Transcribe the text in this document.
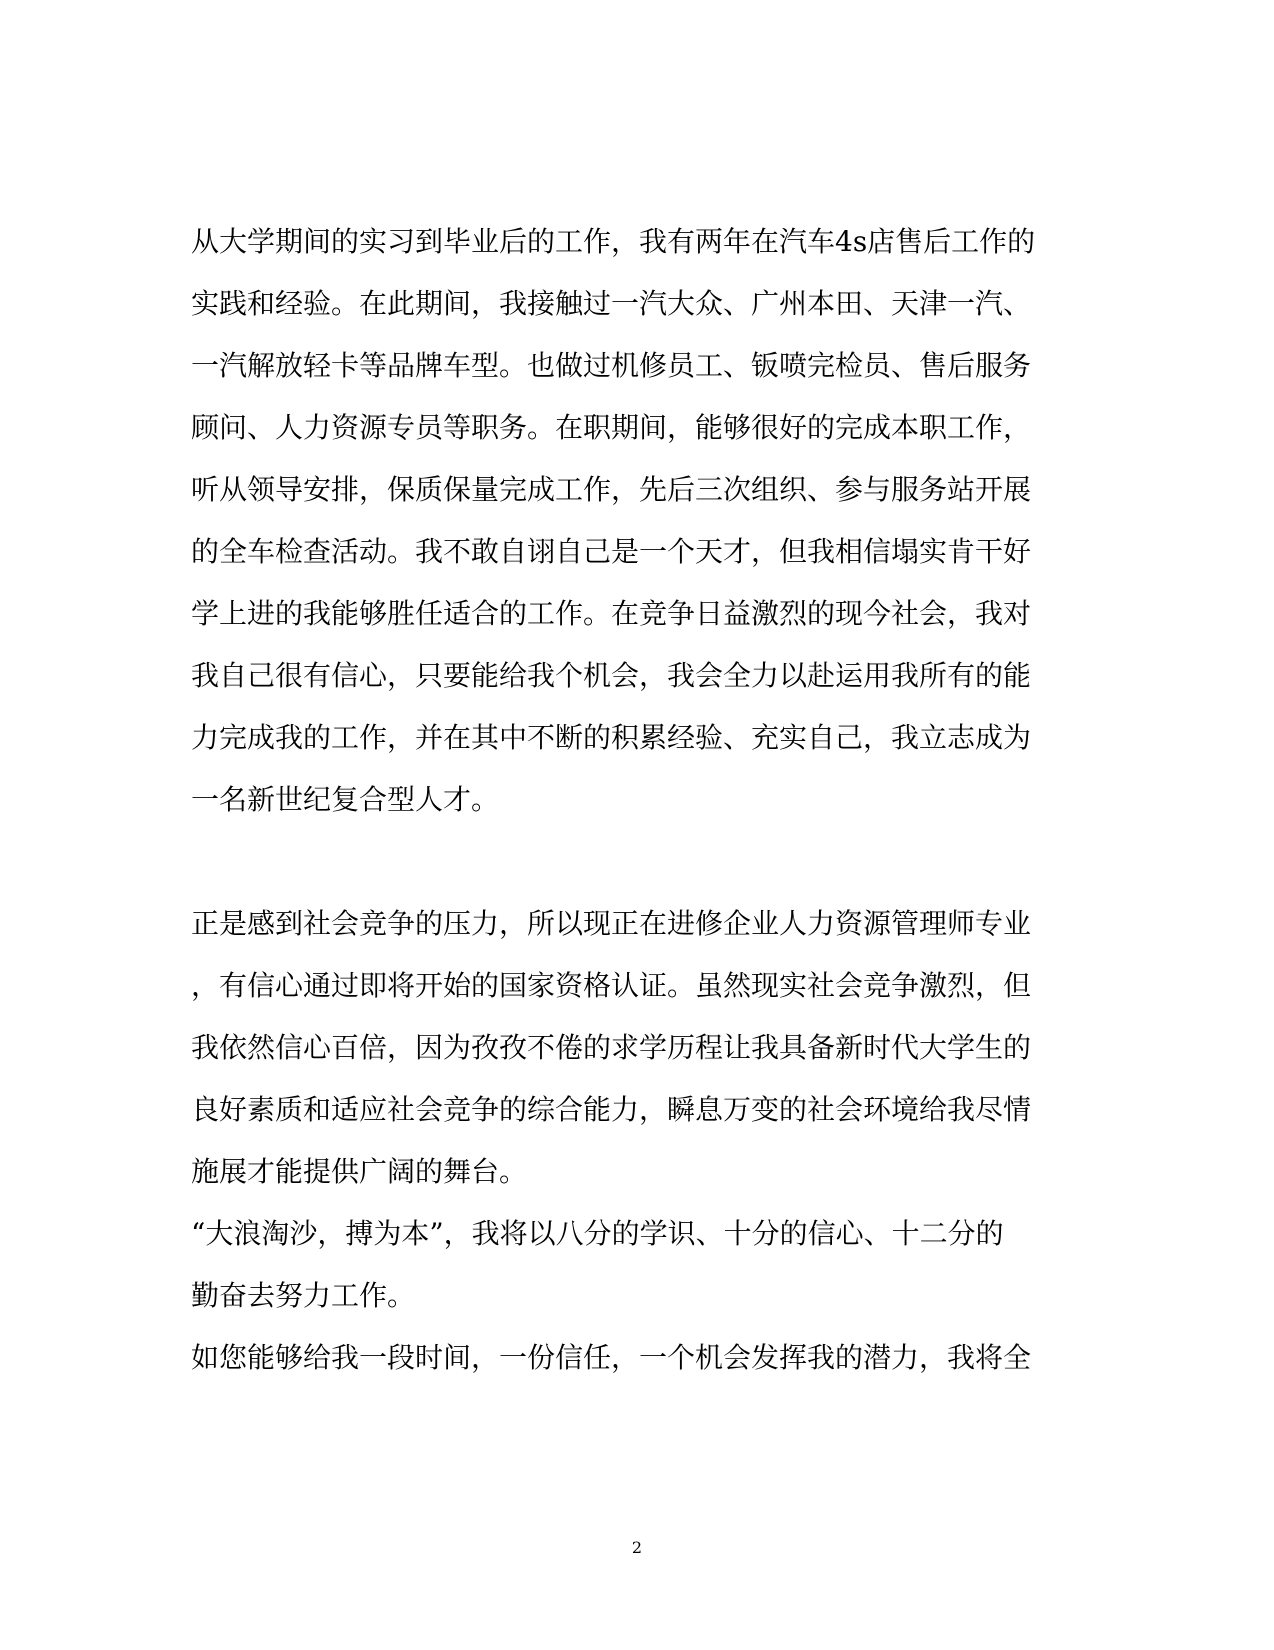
从大学期间的实习到毕业后的工作，我有两年在汽车4s店售后工作的
实践和经验。在此期间，我接触过一汽大众、广州本田、天津一汽、
一汽解放轻卡等品牌车型。也做过机修员工、钣喷完检员、售后服务
顾问、人力资源专员等职务。在职期间，能够很好的完成本职工作，
听从领导安排，保质保量完成工作，先后三次组织、参与服务站开展
的全车检查活动。我不敢自诩自己是一个天才，但我相信塌实肯干好
学上进的我能够胜任适合的工作。在竞争日益激烈的现今社会，我对
我自己很有信心，只要能给我个机会，我会全力以赴运用我所有的能
力完成我的工作，并在其中不断的积累经验、充实自己，我立志成为
一名新世纪复合型人才。
正是感到社会竞争的压力，所以现正在进修企业人力资源管理师专业
，有信心通过即将开始的国家资格认证。虽然现实社会竞争激烈，但
我依然信心百倍，因为孜孜不倦的求学历程让我具备新时代大学生的
良好素质和适应社会竞争的综合能力，瞬息万变的社会环境给我尽情
施展才能提供广阔的舞台。
“大浪淘沙，搏为本”，我将以八分的学识、十分的信心、十二分的
勤奋去努力工作。
如您能够给我一段时间，一份信任，一个机会发挥我的潜力，我将全
2
